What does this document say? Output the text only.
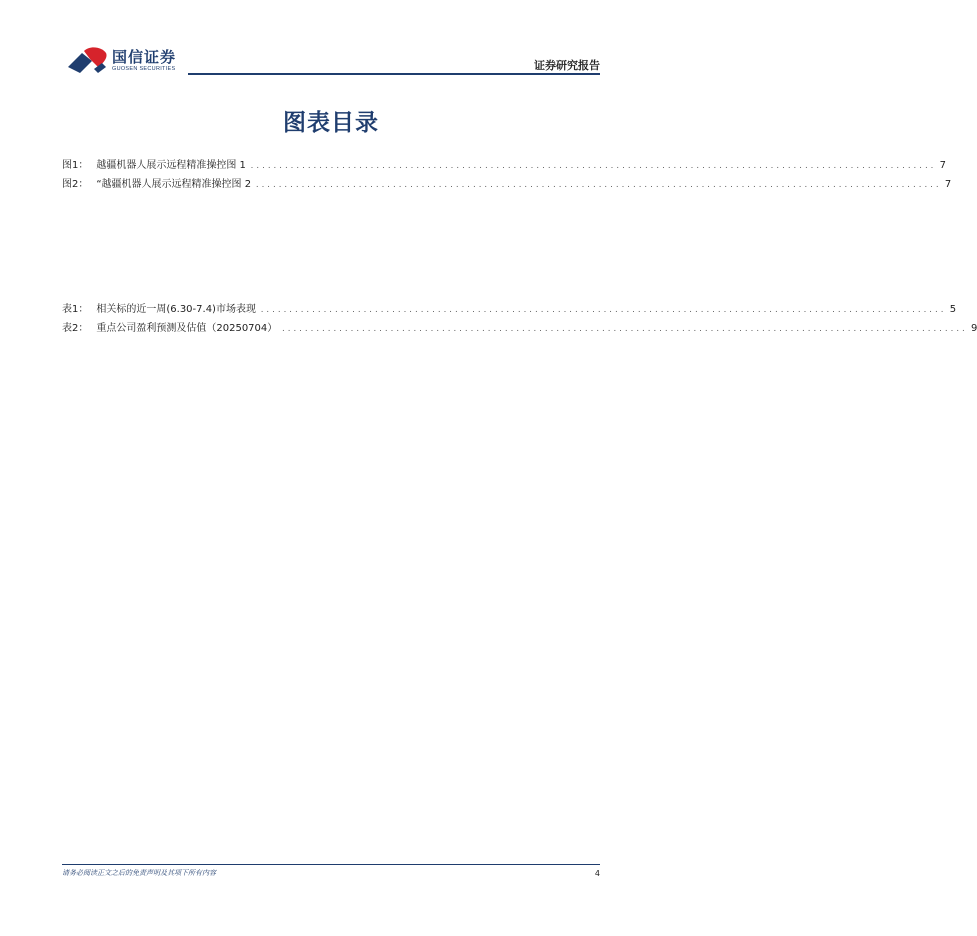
国信证券
GUOSEN SECURITIES	证券研究报告
图表目录
图1： 越疆机器人展示远程精准操控图 1 ........................................................................................................................ 7
图2： “越疆机器人展示远程精准操控图 2 ........................................................................................................................ 7
表1： 相关标的近一周(6.30-7.4)市场表现 ........................................................................................................................ 5
表2： 重点公司盈利预测及估值（20250704） ........................................................................................................................ 9
请务必阅读正文之后的免责声明及其项下所有内容	4
